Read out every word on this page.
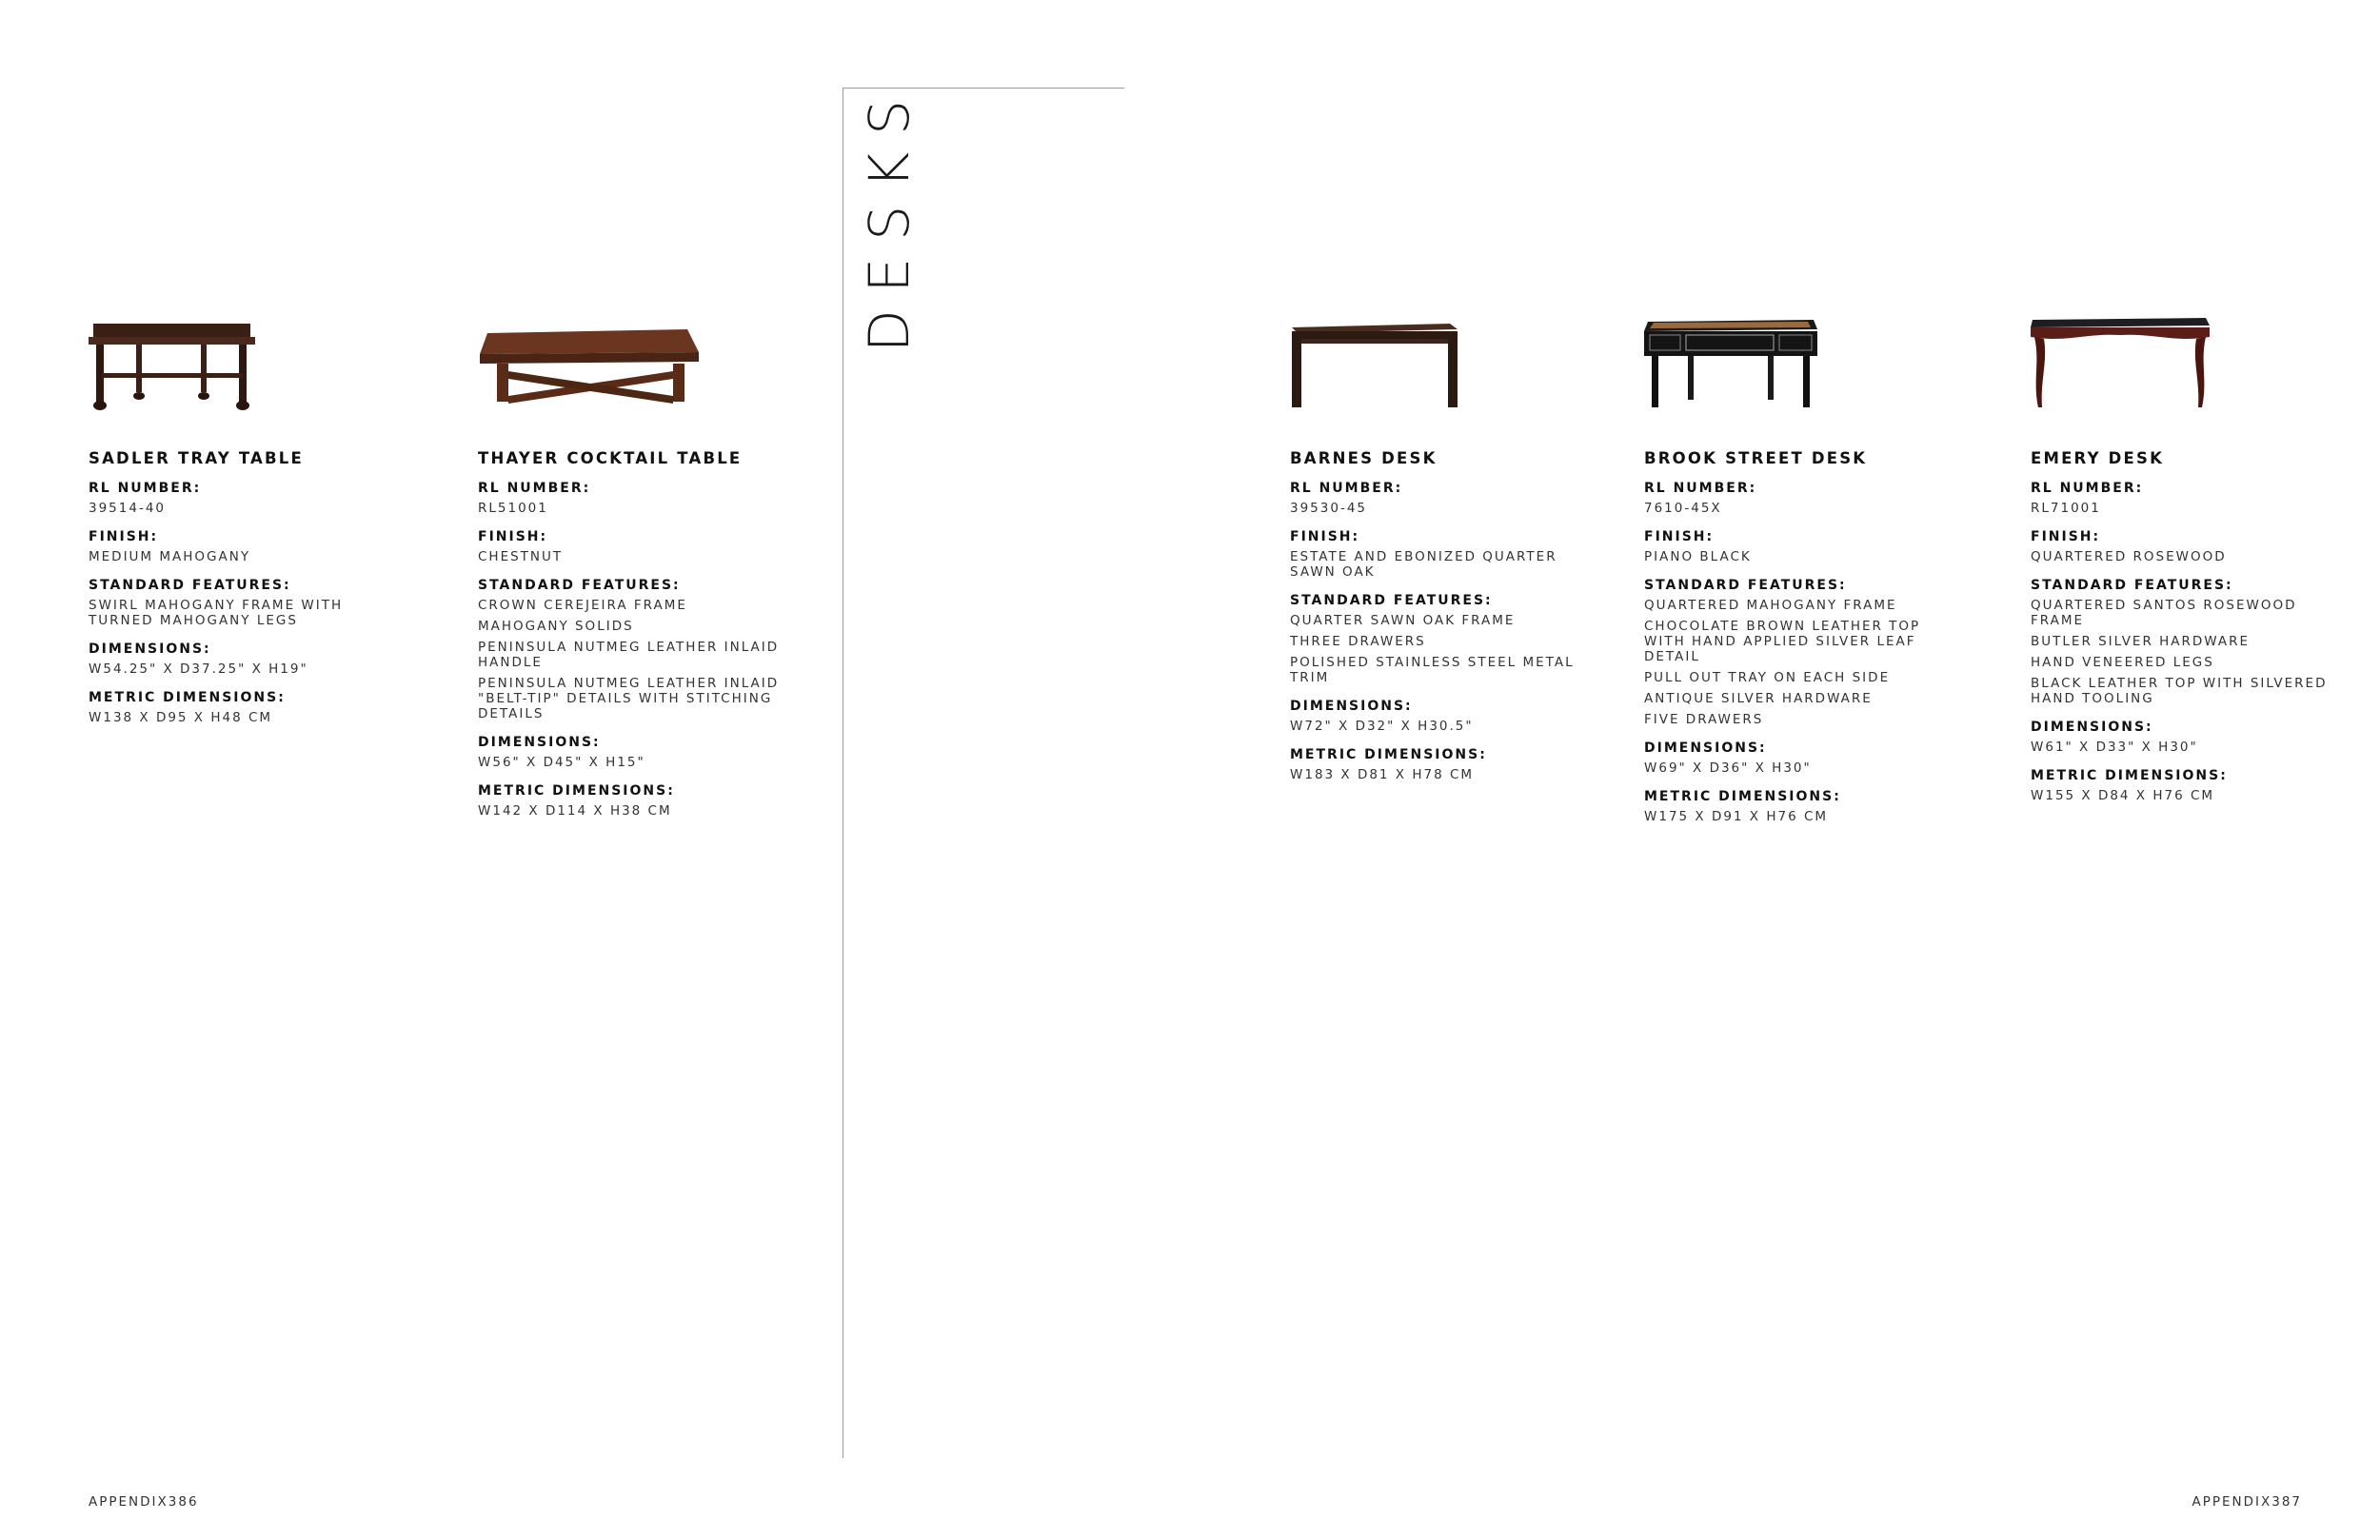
SADLER TRAY TABLE
RL NUMBER:
39514-40
FINISH:
MEDIUM MAHOGANY
STANDARD FEATURES:
SWIRL MAHOGANY FRAME WITH TURNED MAHOGANY LEGS
DIMENSIONS:
W54.25" X D37.25" X H19"
METRIC DIMENSIONS:
W138 X D95 X H48 CM
THAYER COCKTAIL TABLE
RL NUMBER:
RL51001
FINISH:
CHESTNUT
STANDARD FEATURES:
CROWN CEREJEIRA FRAME
MAHOGANY SOLIDS
PENINSULA NUTMEG LEATHER INLAID HANDLE
PENINSULA NUTMEG LEATHER INLAID "BELT-TIP" DETAILS WITH STITCHING DETAILS
DIMENSIONS:
W56" X D45" X H15"
METRIC DIMENSIONS:
W142 X D114 X H38 CM
DESKS
BARNES DESK
RL NUMBER:
39530-45
FINISH:
ESTATE AND EBONIZED QUARTER SAWN OAK
STANDARD FEATURES:
QUARTER SAWN OAK FRAME
THREE DRAWERS
POLISHED STAINLESS STEEL METAL TRIM
DIMENSIONS:
W72" X D32" X H30.5"
METRIC DIMENSIONS:
W183 X D81 X H78 CM
BROOK STREET DESK
RL NUMBER:
7610-45X
FINISH:
PIANO BLACK
STANDARD FEATURES:
QUARTERED MAHOGANY FRAME
CHOCOLATE BROWN LEATHER TOP WITH HAND APPLIED SILVER LEAF DETAIL
PULL OUT TRAY ON EACH SIDE
ANTIQUE SILVER HARDWARE
FIVE DRAWERS
DIMENSIONS:
W69" X D36" X H30"
METRIC DIMENSIONS:
W175 X D91 X H76 CM
EMERY DESK
RL NUMBER:
RL71001
FINISH:
QUARTERED ROSEWOOD
STANDARD FEATURES:
QUARTERED SANTOS ROSEWOOD FRAME
BUTLER SILVER HARDWARE
HAND VENEERED LEGS
BLACK LEATHER TOP WITH SILVERED HAND TOOLING
DIMENSIONS:
W61" X D33" X H30"
METRIC DIMENSIONS:
W155 X D84 X H76 CM
APPENDIX386	APPENDIX387
